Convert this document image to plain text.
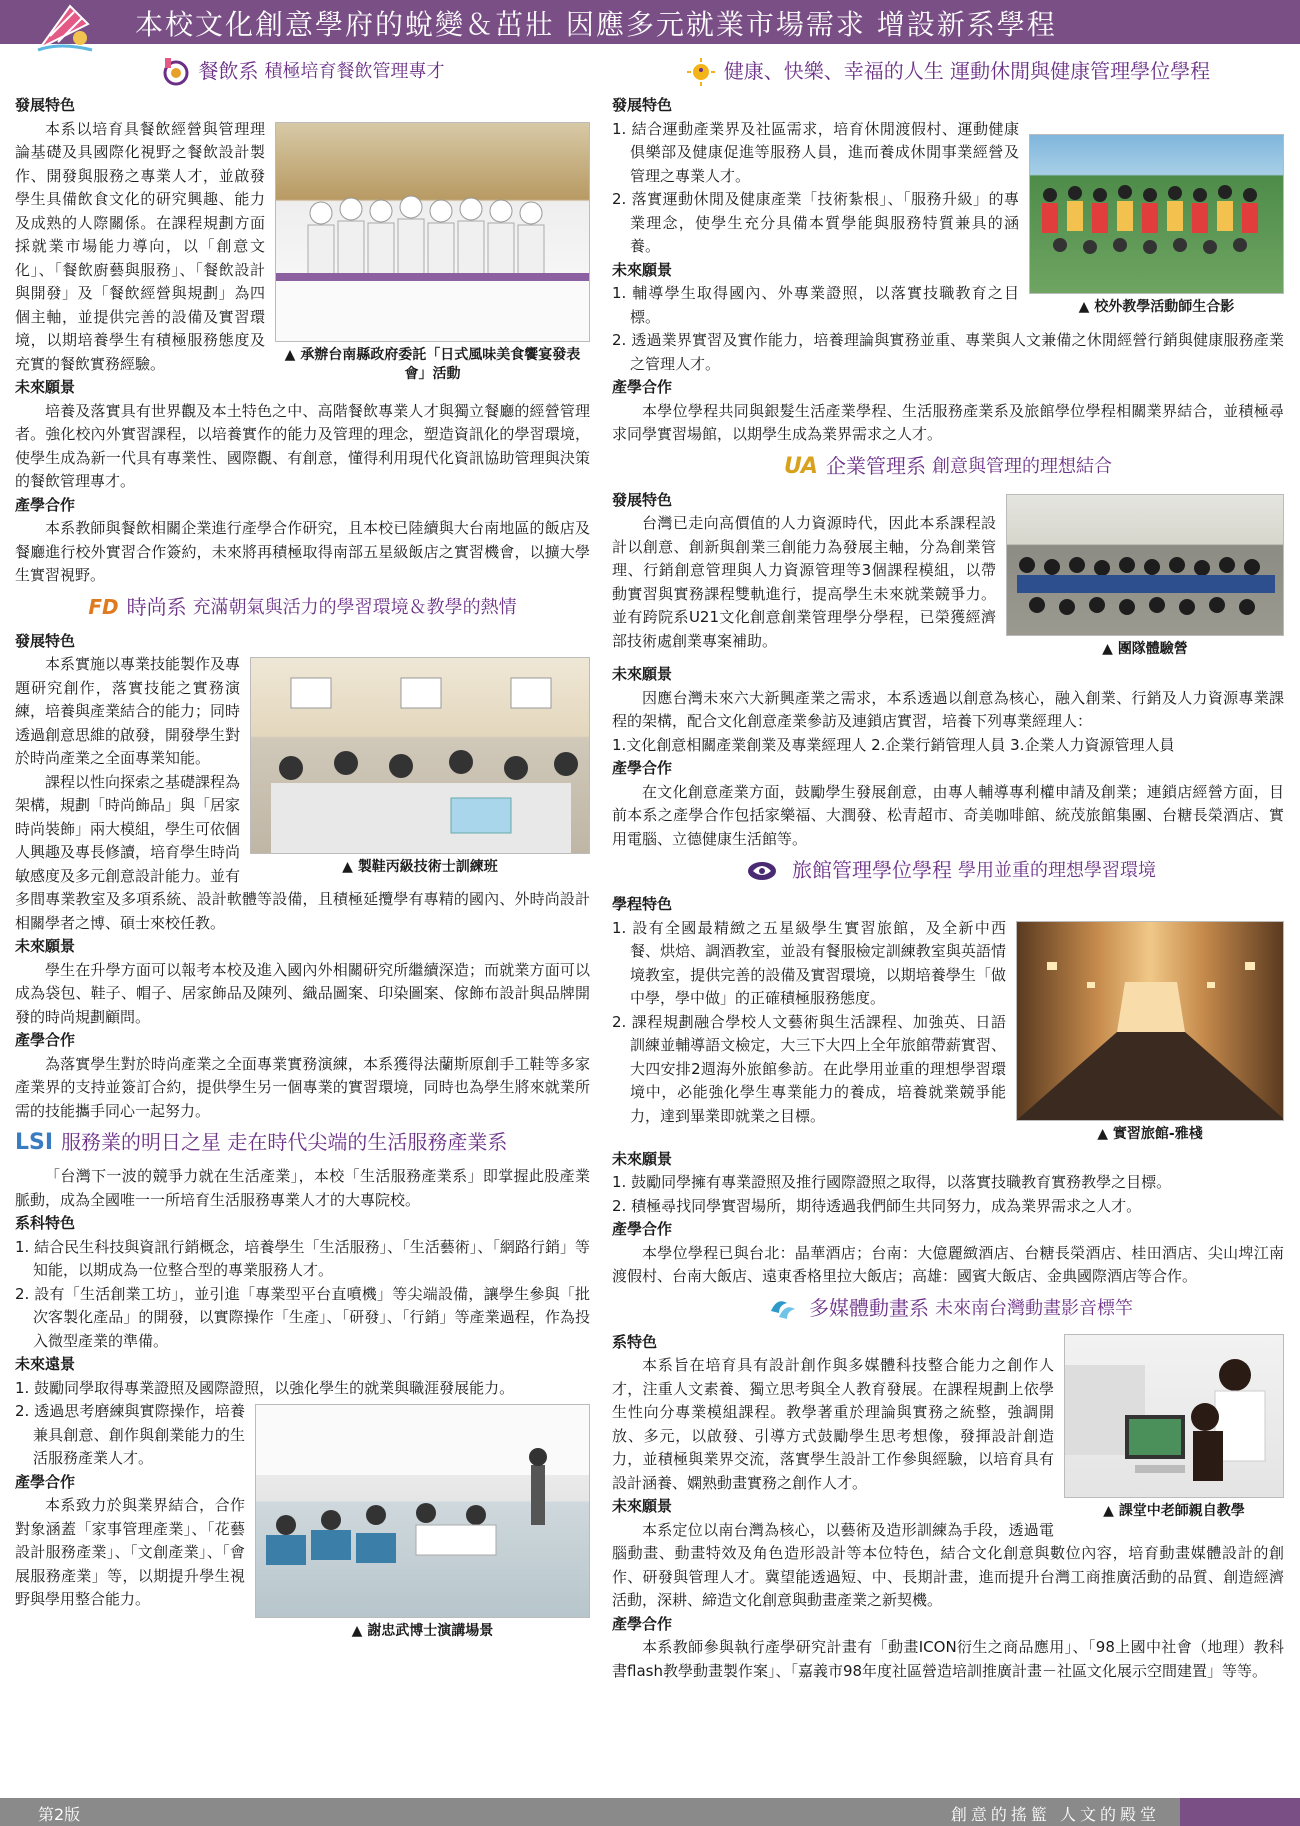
本校文化創意學府的蛻變＆茁壯 因應多元就業市場需求 增設新系學程
餐飲系 積極培育餐飲管理專才
發展特色
▲ 承辦台南縣政府委託「日式風味美食饗宴發表會」活動

本系以培育具餐飲經營與管理理論基礎及具國際化視野之餐飲設計製作、開發與服務之專業人才，並啟發學生具備飲食文化的研究興趣、能力及成熟的人際關係。在課程規劃方面採就業市場能力導向，以「創意文化」、「餐飲廚藝與服務」、「餐飲設計與開發」及「餐飲經營與規劃」為四個主軸，並提供完善的設備及實習環境，以期培養學生有積極服務態度及充實的餐飲實務經驗。

未來願景

培養及落實具有世界觀及本土特色之中、高階餐飲專業人才與獨立餐廳的經營管理者。強化校內外實習課程，以培養實作的能力及管理的理念，塑造資訊化的學習環境，使學生成為新一代具有專業性、國際觀、有創意，懂得利用現代化資訊協助管理與決策的餐飲管理專才。

產學合作

本系教師與餐飲相關企業進行產學合作研究，且本校已陸續與大台南地區的飯店及餐廳進行校外實習合作簽約，未來將再積極取得南部五星級飯店之實習機會，以擴大學生實習視野。

FD 時尚系 充滿朝氣與活力的學習環境＆教學的熱情
發展特色
▲ 製鞋丙級技術士訓練班

本系實施以專業技能製作及專題研究創作，落實技能之實務演練，培養與產業結合的能力；同時透過創意思維的啟發，開發學生對於時尚產業之全面專業知能。

課程以性向探索之基礎課程為架構，規劃「時尚飾品」與「居家時尚裝飾」兩大模組，學生可依個人興趣及專長修讀，培育學生時尚敏感度及多元創意設計能力。並有多間專業教室及多項系統、設計軟體等設備，且積極延攬學有專精的國內、外時尚設計相關學者之博、碩士來校任教。

未來願景

學生在升學方面可以報考本校及進入國內外相關研究所繼續深造；而就業方面可以成為袋包、鞋子、帽子、居家飾品及陳列、織品圖案、印染圖案、傢飾布設計與品牌開發的時尚規劃顧問。

產學合作

為落實學生對於時尚產業之全面專業實務演練，本系獲得法蘭斯原創手工鞋等多家產業界的支持並簽訂合約，提供學生另一個專業的實習環境，同時也為學生將來就業所需的技能攜手同心一起努力。

LSI 服務業的明日之星 走在時代尖端的生活服務產業系

「台灣下一波的競爭力就在生活產業」，本校「生活服務產業系」即掌握此股產業脈動，成為全國唯一一所培育生活服務專業人才的大專院校。

系科特色

1. 結合民生科技與資訊行銷概念，培養學生「生活服務」、「生活藝術」、「網路行銷」等知能，以期成為一位整合型的專業服務人才。

2. 設有「生活創業工坊」，並引進「專業型平台直噴機」等尖端設備，讓學生參與「批次客製化產品」的開發，以實際操作「生產」、「研發」、「行銷」等產業過程，作為投入微型產業的準備。

未來遠景

1. 鼓勵同學取得專業證照及國際證照，以強化學生的就業與職涯發展能力。

▲ 謝忠武博士演講場景

2. 透過思考磨練與實際操作，培養兼具創意、創作與創業能力的生活服務產業人才。

產學合作

本系致力於與業界結合，合作對象涵蓋「家事管理產業」、「花藝設計服務產業」、「文創產業」、「會展服務產業」等，以期提升學生視野與學用整合能力。

健康、快樂、幸福的人生 運動休閒與健康管理學位學程
發展特色
▲ 校外教學活動師生合影

1. 結合運動產業界及社區需求，培育休閒渡假村、運動健康俱樂部及健康促進等服務人員，進而養成休閒事業經營及管理之專業人才。

2. 落實運動休閒及健康產業「技術紮根」、「服務升級」的專業理念，使學生充分具備本質學能與服務特質兼具的涵養。

未來願景

1. 輔導學生取得國內、外專業證照，以落實技職教育之目標。

2. 透過業界實習及實作能力，培養理論與實務並重、專業與人文兼備之休閒經營行銷與健康服務產業之管理人才。

產學合作

本學位學程共同與銀髮生活產業學程、生活服務產業系及旅館學位學程相關業界結合，並積極尋求同學實習場館，以期學生成為業界需求之人才。

UA 企業管理系 創意與管理的理想結合
發展特色
▲ 團隊體驗營

台灣已走向高價值的人力資源時代，因此本系課程設計以創意、創新與創業三創能力為發展主軸，分為創業管理、行銷創意管理與人力資源管理等3個課程模組，以帶動實習與實務課程雙軌進行，提高學生未來就業競爭力。並有跨院系U21文化創意創業管理學分學程，已榮獲經濟部技術處創業專案補助。

未來願景

因應台灣未來六大新興產業之需求，本系透過以創意為核心，融入創業、行銷及人力資源專業課程的架構，配合文化創意產業參訪及連鎖店實習，培養下列專業經理人：

1.文化創意相關產業創業及專業經理人 2.企業行銷管理人員 3.企業人力資源管理人員

產學合作

在文化創意產業方面，鼓勵學生發展創意，由專人輔導專利權申請及創業；連鎖店經營方面，目前本系之產學合作包括家樂福、大潤發、松青超市、奇美咖啡館、統茂旅館集團、台糖長榮酒店、實用電腦、立德健康生活館等。

旅館管理學位學程 學用並重的理想學習環境
學程特色
▲ 實習旅館-雅棧

1. 設有全國最精緻之五星級學生實習旅館，及全新中西餐、烘焙、調酒教室，並設有餐服檢定訓練教室與英語情境教室，提供完善的設備及實習環境，以期培養學生「做中學，學中做」的正確積極服務態度。

2. 課程規劃融合學校人文藝術與生活課程、加強英、日語訓練並輔導語文檢定，大三下大四上全年旅館帶薪實習、大四安排2週海外旅館參訪。在此學用並重的理想學習環境中，必能強化學生專業能力的養成，培養就業競爭能力，達到畢業即就業之目標。

未來願景

1. 鼓勵同學擁有專業證照及推行國際證照之取得，以落實技職教育實務教學之目標。

2. 積極尋找同學實習場所，期待透過我們師生共同努力，成為業界需求之人才。

產學合作

本學位學程已與台北：晶華酒店；台南：大億麗緻酒店、台糖長榮酒店、桂田酒店、尖山埤江南渡假村、台南大飯店、遠東香格里拉大飯店；高雄：國賓大飯店、金典國際酒店等合作。

多媒體動畫系 未來南台灣動畫影音標竿
系特色
▲ 課堂中老師親自教學

本系旨在培育具有設計創作與多媒體科技整合能力之創作人才，注重人文素養、獨立思考與全人教育發展。在課程規劃上依學生性向分專業模組課程。教學著重於理論與實務之統整，強調開放、多元，以啟發、引導方式鼓勵學生思考想像，發揮設計創造力，並積極與業界交流，落實學生設計工作參與經驗，以培育具有設計涵養、嫻熟動畫實務之創作人才。

未來願景

本系定位以南台灣為核心，以藝術及造形訓練為手段，透過電腦動畫、動畫特效及角色造形設計等本位特色，結合文化創意與數位內容，培育動畫媒體設計的創作、研發與管理人才。冀望能透過短、中、長期計畫，進而提升台灣工商推廣活動的品質、創造經濟活動，深耕、締造文化創意與動畫產業之新契機。

產學合作

本系教師參與執行產學研究計畫有「動畫ICON衍生之商品應用」、「98上國中社會（地理）教科書flash教學動畫製作案」、「嘉義市98年度社區營造培訓推廣計畫－社區文化展示空間建置」等等。

第2版	創意的搖籃 人文的殿堂
